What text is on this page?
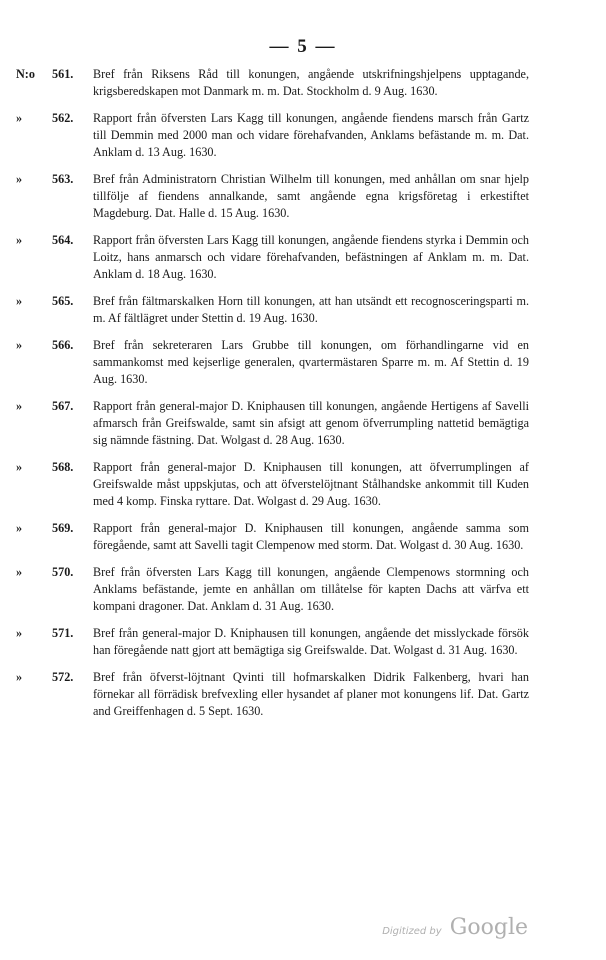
— 5 —
N:o 561.	Bref från Riksens Råd till konungen, angående utskrifningshjelpens upptagande, krigsberedskapen mot Danmark m. m. Dat. Stockholm d. 9 Aug. 1630.
» 562.	Rapport från öfversten Lars Kagg till konungen, angående fiendens marsch från Gartz till Demmin med 2000 man och vidare förehafvanden, Anklams befästande m. m. Dat. Anklam d. 13 Aug. 1630.
» 563.	Bref från Administratorn Christian Wilhelm till konungen, med anhållan om snar hjelp tillfölje af fiendens annalkande, samt angående egna krigsföretag i erkestiftet Magdeburg. Dat. Halle d. 15 Aug. 1630.
» 564.	Rapport från öfversten Lars Kagg till konungen, angående fiendens styrka i Demmin och Loitz, hans anmarsch och vidare förehafvanden, befästningen af Anklam m. m. Dat. Anklam d. 18 Aug. 1630.
» 565.	Bref från fältmarskalken Horn till konungen, att han utsändt ett recognosceringsparti m. m. Af fältlägret under Stettin d. 19 Aug. 1630.
» 566.	Bref från sekreteraren Lars Grubbe till konungen, om förhandlingarne vid en sammankomst med kejserlige generalen, qvartermästaren Sparre m. m. Af Stettin d. 19 Aug. 1630.
» 567.	Rapport från general-major D. Kniphausen till konungen, angående Hertigens af Savelli afmarsch från Greifswalde, samt sin afsigt att genom öfverrumpling nattetid bemägtiga sig nämnde fästning. Dat. Wolgast d. 28 Aug. 1630.
» 568.	Rapport från general-major D. Kniphausen till konungen, att öfverrumplingen af Greifswalde måst uppskjutas, och att öfverstelöjtnant Stålhandske ankommit till Kuden med 4 komp. Finska ryttare. Dat. Wolgast d. 29 Aug. 1630.
» 569.	Rapport från general-major D. Kniphausen till konungen, angående samma som föregående, samt att Savelli tagit Clempenow med storm. Dat. Wolgast d. 30 Aug. 1630.
» 570.	Bref från öfversten Lars Kagg till konungen, angående Clempenows stormning och Anklams befästande, jemte en anhållan om tillåtelse för kapten Dachs att värfva ett kompani dragoner. Dat. Anklam d. 31 Aug. 1630.
» 571.	Bref från general-major D. Kniphausen till konungen, angående det misslyckade försök han föregående natt gjort att bemägtiga sig Greifswalde. Dat. Wolgast d. 31 Aug. 1630.
» 572.	Bref från öfverst-löjtnant Qvinti till hofmarskalken Didrik Falkenberg, hvari han förnekar all förrädisk brefvexling eller hysandet af planer mot konungens lif. Dat. Gartz and Greiffenhagen d. 5 Sept. 1630.
Digitized by Google
